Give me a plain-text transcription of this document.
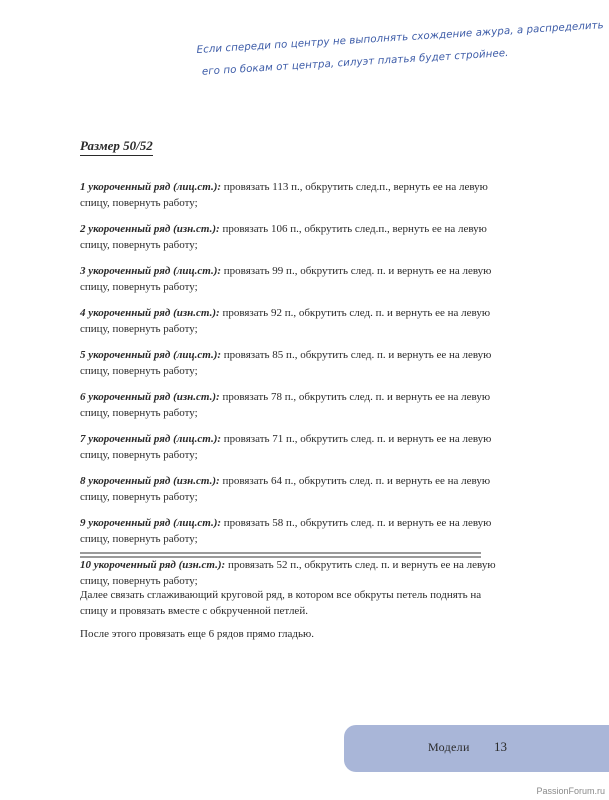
Если спереди по центру не выполнять схождение ажура, а распределить
его по бокам от центра, силуэт платья будет стройнее.
Размер 50/52
1 укороченный ряд (лиц.ст.): провязать 113 п., обкрутить след.п., вернуть ее на левую спицу, повернуть работу;
2 укороченный ряд (изн.ст.): провязать 106 п., обкрутить след.п., вернуть ее на левую спицу, повернуть работу;
3 укороченный ряд (лиц.ст.): провязать 99 п., обкрутить след. п. и вернуть ее на левую спицу, повернуть работу;
4 укороченный ряд (изн.ст.): провязать 92 п., обкрутить след. п. и вернуть ее на левую спицу, повернуть работу;
5 укороченный ряд (лиц.ст.): провязать 85 п., обкрутить след. п. и вернуть ее на левую спицу, повернуть работу;
6 укороченный ряд (изн.ст.): провязать 78 п., обкрутить след. п. и вернуть ее на левую спицу, повернуть работу;
7 укороченный ряд (лиц.ст.): провязать 71 п., обкрутить след. п. и вернуть ее на левую спицу, повернуть работу;
8 укороченный ряд (изн.ст.): провязать 64 п., обкрутить след. п. и вернуть ее на левую спицу, повернуть работу;
9 укороченный ряд (лиц.ст.): провязать 58 п., обкрутить след. п. и вернуть ее на левую спицу, повернуть работу;
10 укороченный ряд (изн.ст.): провязать 52 п., обкрутить след. п. и вернуть ее на левую спицу, повернуть работу;

Далее связать сглаживающий круговой ряд, в котором все обкруты петель поднять на спицу и провязать вместе с обкрученной петлей.

После этого провязать еще 6 рядов прямо гладью.

Модели 13
PassionForum.ru
